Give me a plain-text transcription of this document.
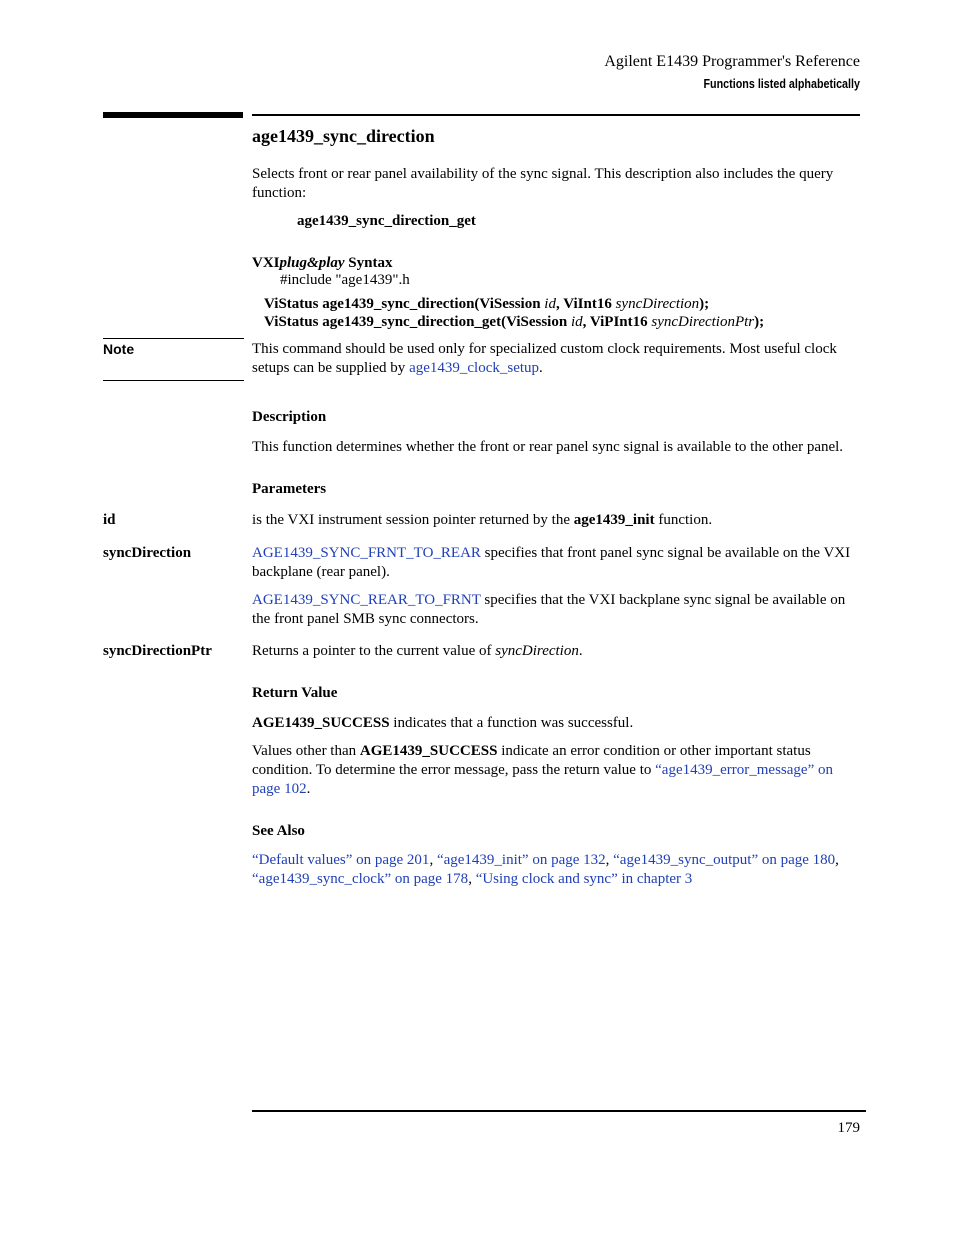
Agilent E1439 Programmer's Reference
Functions listed alphabetically
age1439_sync_direction

Selects front or rear panel availability of the sync signal. This description also includes the query function:

age1439_sync_direction_get
VXIplug&play Syntax
#include "age1439".h
ViStatus age1439_sync_direction(ViSession id, ViInt16 syncDirection);
ViStatus age1439_sync_direction_get(ViSession id, ViPInt16 syncDirectionPtr);
Note	This command should be used only for specialized custom clock requirements. Most useful clock setups can be supplied by age1439_clock_setup.

Description

This function determines whether the front or rear panel sync signal is available to the other panel.

Parameters
id	is the VXI instrument session pointer returned by the age1439_init function.

syncDirection	AGE1439_SYNC_FRNT_TO_REAR specifies that front panel sync signal be available on the VXI backplane (rear panel).

AGE1439_SYNC_REAR_TO_FRNT specifies that the VXI backplane sync signal be available on the front panel SMB sync connectors.

syncDirectionPtr	Returns a pointer to the current value of syncDirection.

Return Value

AGE1439_SUCCESS indicates that a function was successful.

Values other than AGE1439_SUCCESS indicate an error condition or other important status condition. To determine the error message, pass the return value to “age1439_error_message” on page 102.

See Also

“Default values” on page 201, “age1439_init” on page 132, “age1439_sync_output” on page 180, “age1439_sync_clock” on page 178, “Using clock and sync” in chapter 3

179
